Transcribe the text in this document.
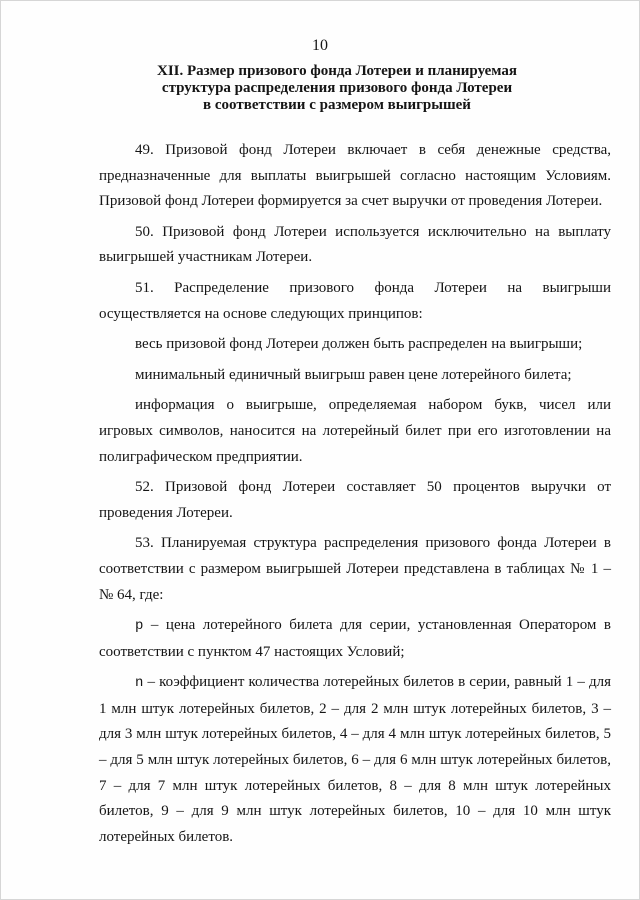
10
XII. Размер призового фонда Лотереи и планируемая
структура распределения призового фонда Лотереи
в соответствии с размером выигрышей

49. Призовой фонд Лотереи включает в себя денежные средства, предназначенные для выплаты выигрышей согласно настоящим Условиям. Призовой фонд Лотереи формируется за счет выручки от проведения Лотереи.

50. Призовой фонд Лотереи используется исключительно на выплату выигрышей участникам Лотереи.

51. Распределение призового фонда Лотереи на выигрыши осуществляется на основе следующих принципов:

весь призовой фонд Лотереи должен быть распределен на выигрыши;

минимальный единичный выигрыш равен цене лотерейного билета;

информация о выигрыше, определяемая набором букв, чисел или игровых символов, наносится на лотерейный билет при его изготовлении на полиграфическом предприятии.

52. Призовой фонд Лотереи составляет 50 процентов выручки от проведения Лотереи.

53. Планируемая структура распределения призового фонда Лотереи в соответствии с размером выигрышей Лотереи представлена в таблицах № 1 – № 64, где:

р – цена лотерейного билета для серии, установленная Оператором в соответствии с пунктом 47 настоящих Условий;

n – коэффициент количества лотерейных билетов в серии, равный 1 – для 1 млн штук лотерейных билетов, 2 – для 2 млн штук лотерейных билетов, 3 – для 3 млн штук лотерейных билетов, 4 – для 4 млн штук лотерейных билетов, 5 – для 5 млн штук лотерейных билетов, 6 – для 6 млн штук лотерейных билетов, 7 – для 7 млн штук лотерейных билетов, 8 – для 8 млн штук лотерейных билетов, 9 – для 9 млн штук лотерейных билетов, 10 – для 10 млн штук лотерейных билетов.
